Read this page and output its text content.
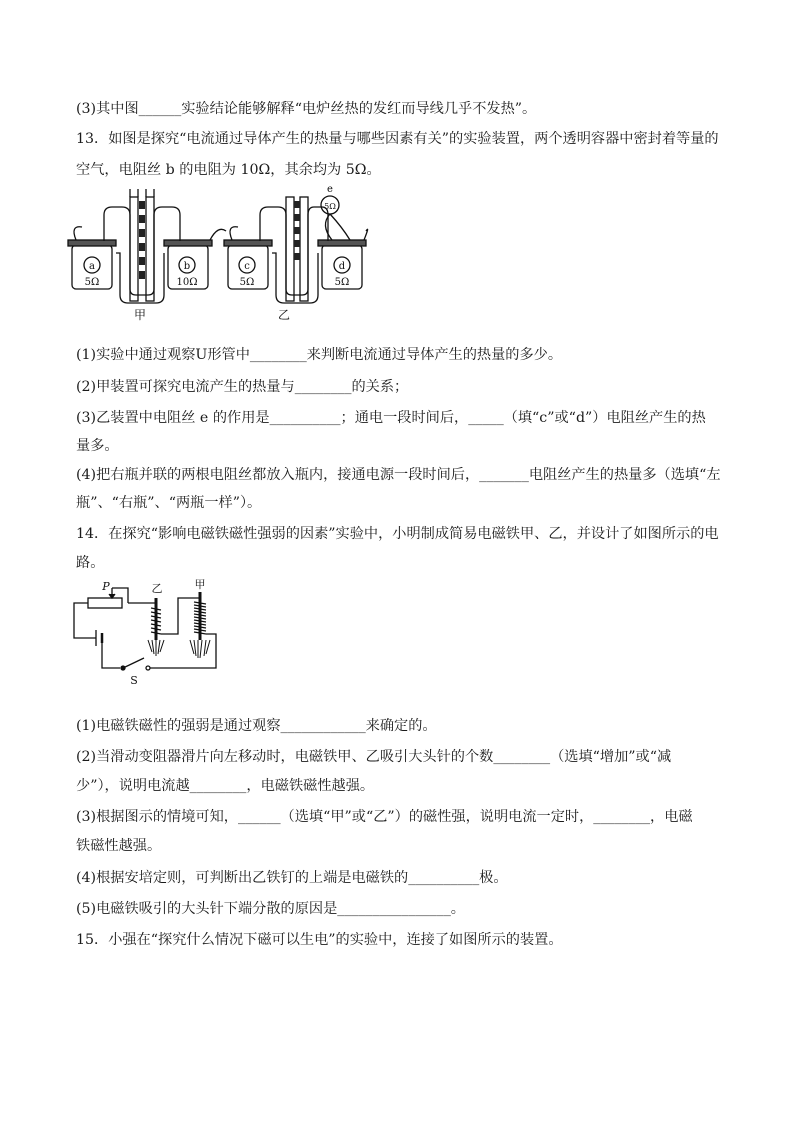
(3)其中图______实验结论能够解释“电炉丝热的发红而导线几乎不发热”。
13．如图是探究“电流通过导体产生的热量与哪些因素有关”的实验装置，两个透明容器中密封着等量的
空气，电阻丝 b 的电阻为 10Ω，其余均为 5Ω。
a
5Ω
b
10Ω
c
5Ω
d
5Ω
e
5Ω
甲	乙
(1)实验中通过观察U形管中________来判断电流通过导体产生的热量的多少。
(2)甲装置可探究电流产生的热量与________的关系；
(3)乙装置中电阻丝 e 的作用是__________；通电一段时间后，_____（填“c”或“d”）电阻丝产生的热
量多。
(4)把右瓶并联的两根电阻丝都放入瓶内，接通电源一段时间后，_______电阻丝产生的热量多（选填“左
瓶”、“右瓶”、“两瓶一样”）。
14．在探究“影响电磁铁磁性强弱的因素”实验中，小明制成简易电磁铁甲、乙，并设计了如图所示的电
路。
P	乙	甲
S
(1)电磁铁磁性的强弱是通过观察____________来确定的。
(2)当滑动变阻器滑片向左移动时，电磁铁甲、乙吸引大头针的个数________（选填“增加”或“减
少”），说明电流越________，电磁铁磁性越强。
(3)根据图示的情境可知，______（选填“甲”或“乙”）的磁性强，说明电流一定时，________，电磁
铁磁性越强。
(4)根据安培定则，可判断出乙铁钉的上端是电磁铁的__________极。
(5)电磁铁吸引的大头针下端分散的原因是________________。
15．小强在“探究什么情况下磁可以生电”的实验中，连接了如图所示的装置。
